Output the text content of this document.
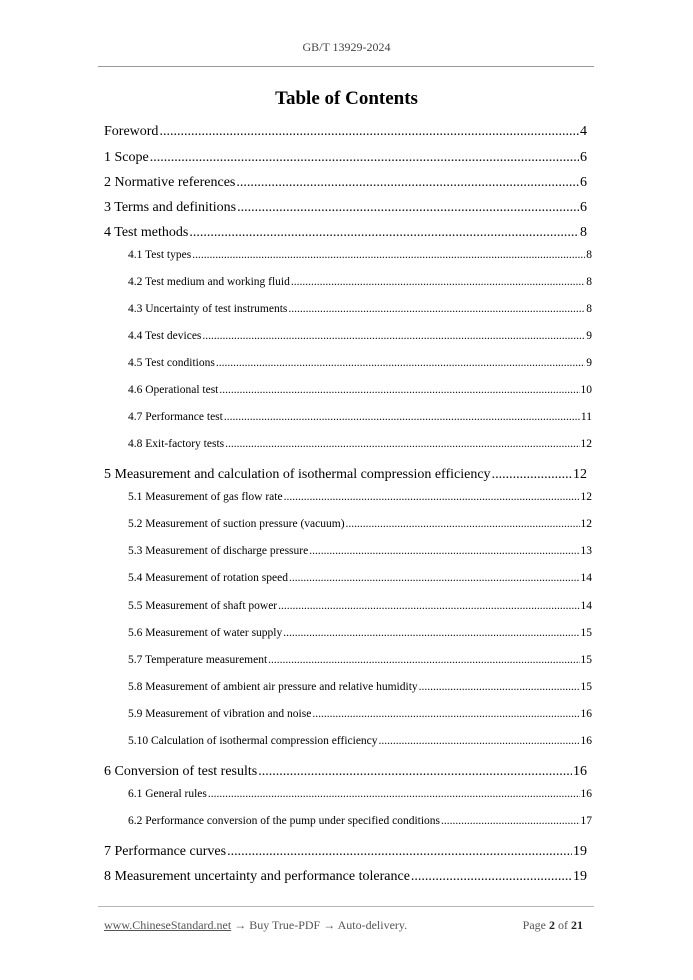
GB/T 13929-2024
Table of Contents
Foreword .....	4
1 Scope .....	6
2 Normative references .....	6
3 Terms and definitions .....	6
4 Test methods .....	8
4.1 Test types .....	8
4.2 Test medium and working fluid .....	8
4.3 Uncertainty of test instruments .....	8
4.4 Test devices .....	9
4.5 Test conditions .....	9
4.6 Operational test .....	10
4.7 Performance test .....	11
4.8 Exit-factory tests .....	12
5 Measurement and calculation of isothermal compression efficiency .....	12
5.1 Measurement of gas flow rate .....	12
5.2 Measurement of suction pressure (vacuum) .....	12
5.3 Measurement of discharge pressure .....	13
5.4 Measurement of rotation speed .....	14
5.5 Measurement of shaft power .....	14
5.6 Measurement of water supply .....	15
5.7 Temperature measurement .....	15
5.8 Measurement of ambient air pressure and relative humidity .....	15
5.9 Measurement of vibration and noise .....	16
5.10 Calculation of isothermal compression efficiency .....	16
6 Conversion of test results .....	16
6.1 General rules .....	16
6.2 Performance conversion of the pump under specified conditions .....	17
7 Performance curves .....	19
8 Measurement uncertainty and performance tolerance .....	19
www.ChineseStandard.net → Buy True-PDF → Auto-delivery.	Page 2 of 21
